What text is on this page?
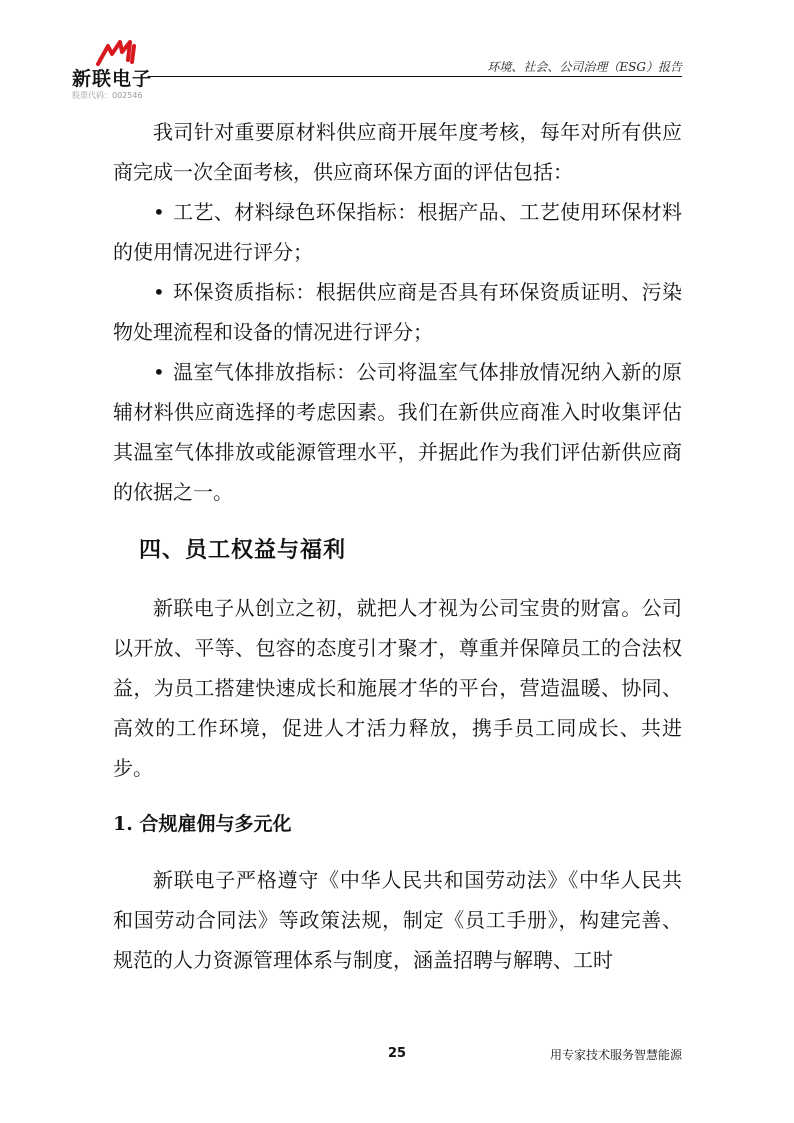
新联电子
股票代码：002546
环境、社会、公司治理（ESG）报告

我司针对重要原材料供应商开展年度考核，每年对所有供应商完成一次全面考核，供应商环保方面的评估包括：

• 工艺、材料绿色环保指标：根据产品、工艺使用环保材料的使用情况进行评分；

• 环保资质指标：根据供应商是否具有环保资质证明、污染物处理流程和设备的情况进行评分；

• 温室气体排放指标：公司将温室气体排放情况纳入新的原辅材料供应商选择的考虑因素。我们在新供应商准入时收集评估其温室气体排放或能源管理水平，并据此作为我们评估新供应商的依据之一。

四、员工权益与福利

新联电子从创立之初，就把人才视为公司宝贵的财富。公司以开放、平等、包容的态度引才聚才，尊重并保障员工的合法权益，为员工搭建快速成长和施展才华的平台，营造温暖、协同、高效的工作环境，促进人才活力释放，携手员工同成长、共进步。

1. 合规雇佣与多元化

新联电子严格遵守《中华人民共和国劳动法》《中华人民共和国劳动合同法》等政策法规，制定《员工手册》，构建完善、规范的人力资源管理体系与制度，涵盖招聘与解聘、工时

25	用专家技术服务智慧能源
